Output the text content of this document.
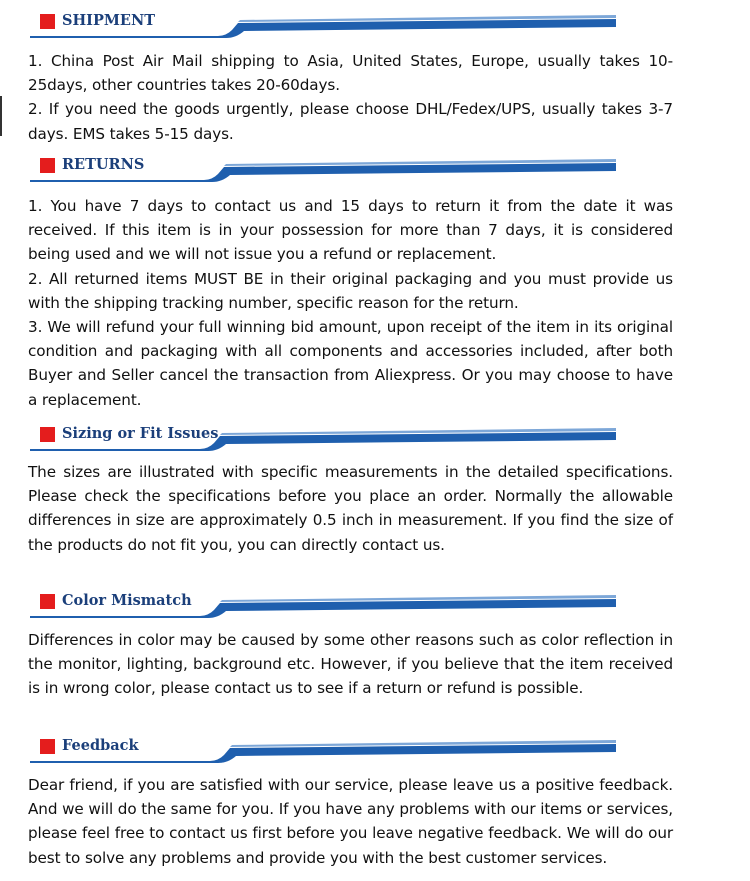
SHIPMENT

1. China Post Air Mail shipping to Asia, United States, Europe, usually takes 10-25days, other countries takes 20-60days.

2. If you need the goods urgently, please choose DHL/Fedex/UPS, usually takes 3-7 days. EMS takes 5-15 days.

RETURNS

1. You have 7 days to contact us and 15 days to return it from the date it was received. If this item is in your possession for more than 7 days, it is considered being used and we will not issue you a refund or replacement.

2. All returned items MUST BE in their original packaging and you must provide us with the shipping tracking number, specific reason for the return.

3. We will refund your full winning bid amount, upon receipt of the item in its original condition and packaging with all components and accessories included, after both Buyer and Seller cancel the transaction from Aliexpress. Or you may choose to have a replacement.

Sizing or Fit Issues

The sizes are illustrated with specific measurements in the detailed specifications. Please check the specifications before you place an order. Normally the allowable differences in size are approximately 0.5 inch in measurement. If you find the size of the products do not fit you, you can directly contact us.

Color Mismatch

Differences in color may be caused by some other reasons such as color reflection in the monitor, lighting, background etc. However, if you believe that the item received is in wrong color, please contact us to see if a return or refund is possible.

Feedback

Dear friend, if you are satisfied with our service, please leave us a positive feedback. And we will do the same for you. If you have any problems with our items or services, please feel free to contact us first before you leave negative feedback. We will do our best to solve any problems and provide you with the best customer services.
